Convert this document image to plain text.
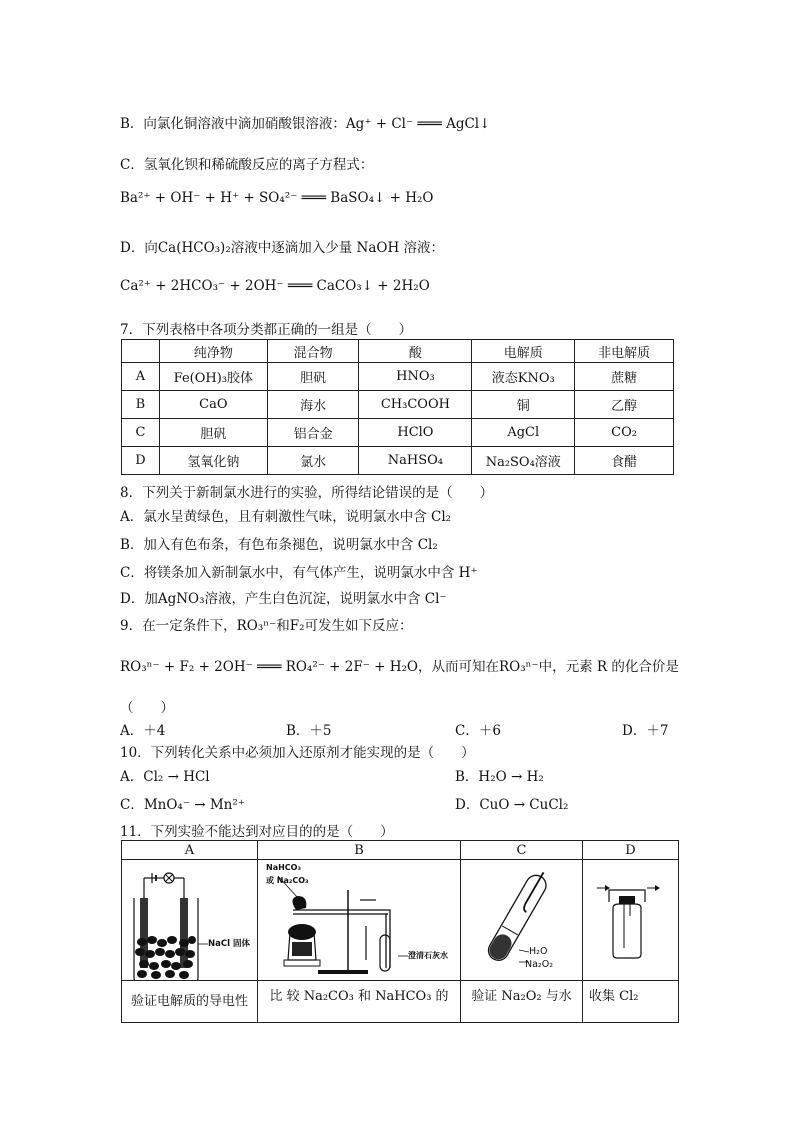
B．向氯化铜溶液中滴加硝酸银溶液：Ag⁺ + Cl⁻ ═══ AgCl↓
C．氢氧化钡和稀硫酸反应的离子方程式：
Ba²⁺ + OH⁻ + H⁺ + SO₄²⁻ ═══ BaSO₄↓ + H₂O
D．向Ca(HCO₃)₂溶液中逐滴加入少量 NaOH 溶液：
Ca²⁺ + 2HCO₃⁻ + 2OH⁻ ═══ CaCO₃↓ + 2H₂O
7．下列表格中各项分类都正确的一组是（　　）
	纯净物	混合物	酸	电解质	非电解质
A	Fe(OH)₃胶体	胆矾	HNO₃	液态KNO₃	蔗糖
B	CaO	海水	CH₃COOH	铜	乙醇
C	胆矾	铝合金	HClO	AgCl	CO₂
D	氢氧化钠	氯水	NaHSO₄	Na₂SO₄溶液	食醋
8．下列关于新制氯水进行的实验，所得结论错误的是（　　）
A．氯水呈黄绿色，且有刺激性气味，说明氯水中含 Cl₂
B．加入有色布条，有色布条褪色，说明氯水中含 Cl₂
C．将镁条加入新制氯水中，有气体产生，说明氯水中含 H⁺
D．加AgNO₃溶液，产生白色沉淀，说明氯水中含 Cl⁻
9．在一定条件下，RO₃ⁿ⁻和F₂可发生如下反应：
RO₃ⁿ⁻ + F₂ + 2OH⁻ ═══ RO₄²⁻ + 2F⁻ + H₂O，从而可知在RO₃ⁿ⁻中，元素 R 的化合价是
（　　）
A．＋4	B．＋5	C．＋6	D．＋7
10．下列转化关系中必须加入还原剂才能实现的是（　　）
A．Cl₂ → HCl	B．H₂O → H₂
C．MnO₄⁻ → Mn²⁺	D．CuO → CuCl₂
11．下列实验不能达到对应目的的是（　　）
A	B	C	D

NaCl 固体	NaHCO₃
或 Na₂CO₃
澄清石灰水	H₂O
Na₂O₂

验证电解质的导电性	比 较 Na₂CO₃ 和 NaHCO₃ 的	验证 Na₂O₂ 与水	收集 Cl₂
